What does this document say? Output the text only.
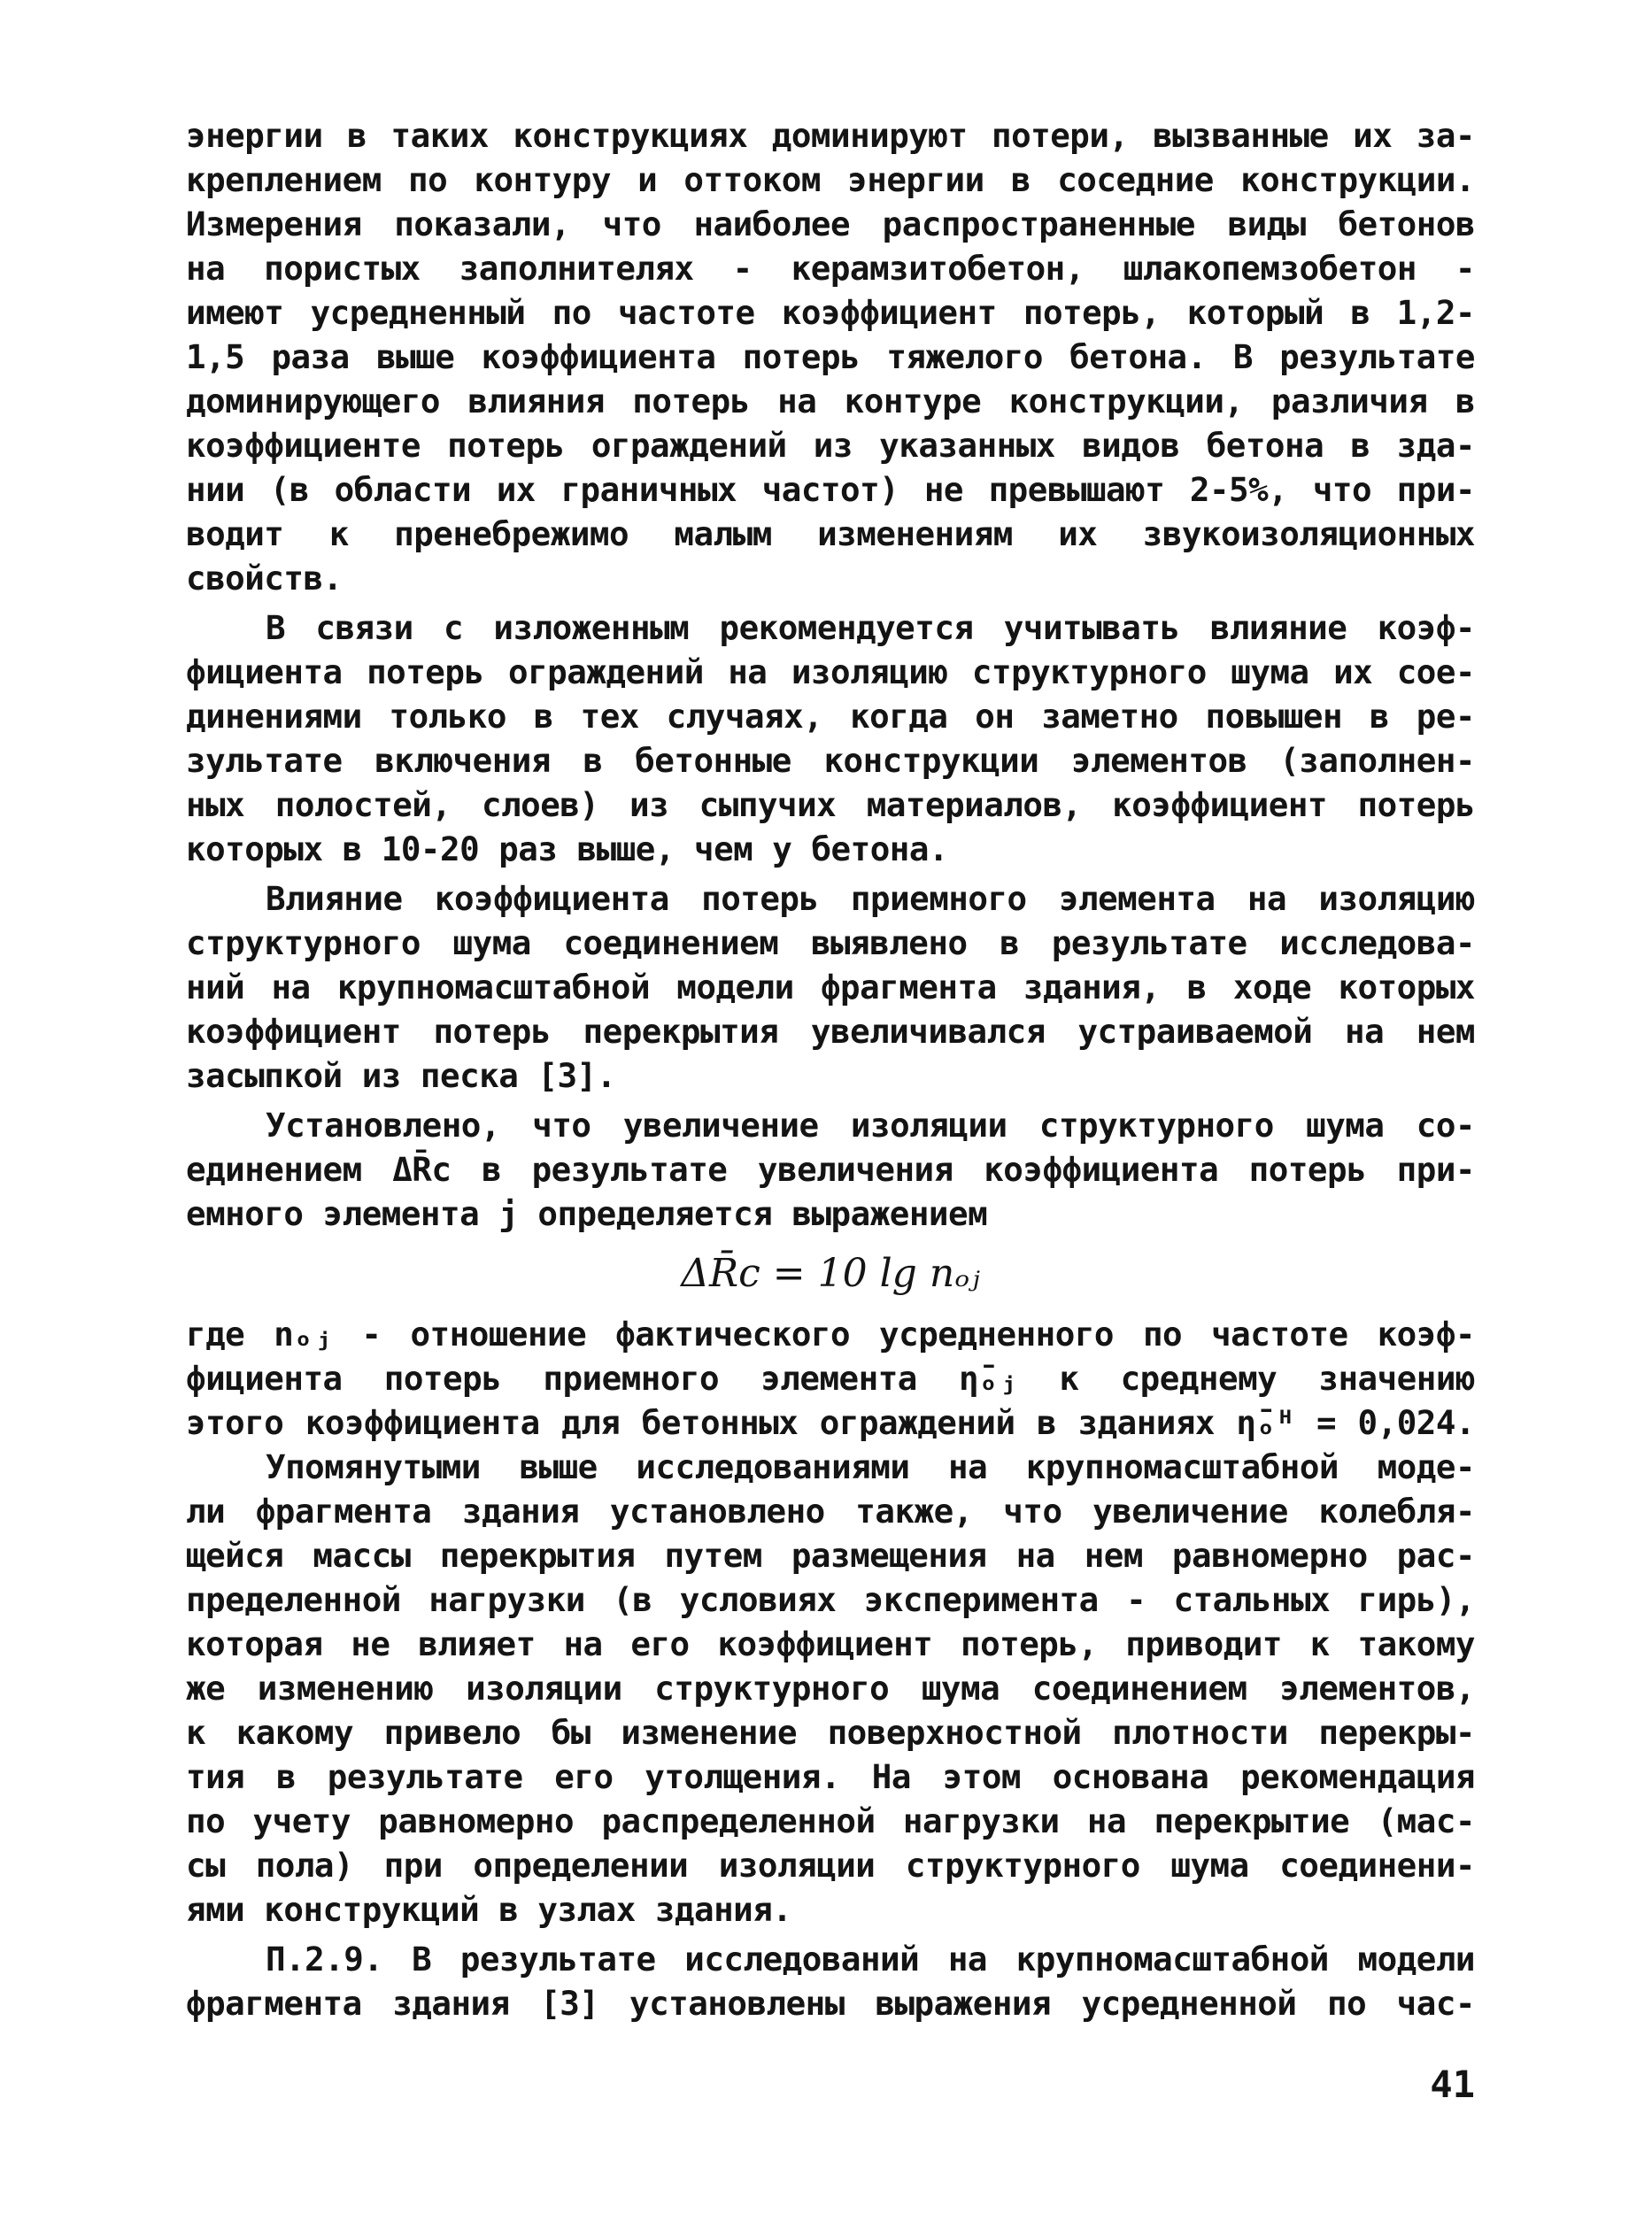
энергии в таких конструкциях доминируют потери, вызванные их за-
креплением по контуру и оттоком энергии в соседние конструкции.
Измерения показали, что наиболее распространенные виды бетонов
на пористых заполнителях - керамзитобетон, шлакопемзобетон -
имеют усредненный по частоте коэффициент потерь, который в 1,2-
1,5 раза выше коэффициента потерь тяжелого бетона. В результате
доминирующего влияния потерь на контуре конструкции, различия в
коэффициенте потерь ограждений из указанных видов бетона в зда-
нии (в области их граничных частот) не превышают 2-5%, что при-
водит к пренебрежимо малым изменениям их звукоизоляционных
свойств.
В связи с изложенным рекомендуется учитывать влияние коэф-
фициента потерь ограждений на изоляцию структурного шума их сое-
динениями только в тех случаях, когда он заметно повышен в ре-
зультате включения в бетонные конструкции элементов (заполнен-
ных полостей, слоев) из сыпучих материалов, коэффициент потерь
которых в 10-20 раз выше, чем у бетона.
Влияние коэффициента потерь приемного элемента на изоляцию
структурного шума соединением выявлено в результате исследова-
ний на крупномасштабной модели фрагмента здания, в ходе которых
коэффициент потерь перекрытия увеличивался устраиваемой на нем
засыпкой из песка [3].
Установлено, что увеличение изоляции структурного шума со-
единением ΔR̄c в результате увеличения коэффициента потерь при-
емного элемента j определяется выражением
ΔR̄c = 10 lg nₒⱼ
где nₒⱼ - отношение фактического усредненного по частоте коэф-
фициента потерь приемного элемента η̄ₒⱼ к среднему значению
этого коэффициента для бетонных ограждений в зданиях η̄ₒᴴ = 0,024.
Упомянутыми выше исследованиями на крупномасштабной моде-
ли фрагмента здания установлено также, что увеличение колебля-
щейся массы перекрытия путем размещения на нем равномерно рас-
пределенной нагрузки (в условиях эксперимента - стальных гирь),
которая не влияет на его коэффициент потерь, приводит к такому
же изменению изоляции структурного шума соединением элементов,
к какому привело бы изменение поверхностной плотности перекры-
тия в результате его утолщения. На этом основана рекомендация
по учету равномерно распределенной нагрузки на перекрытие (мас-
сы пола) при определении изоляции структурного шума соединени-
ями конструкций в узлах здания.
П.2.9. В результате исследований на крупномасштабной модели
фрагмента здания [3] установлены выражения усредненной по час-
41
